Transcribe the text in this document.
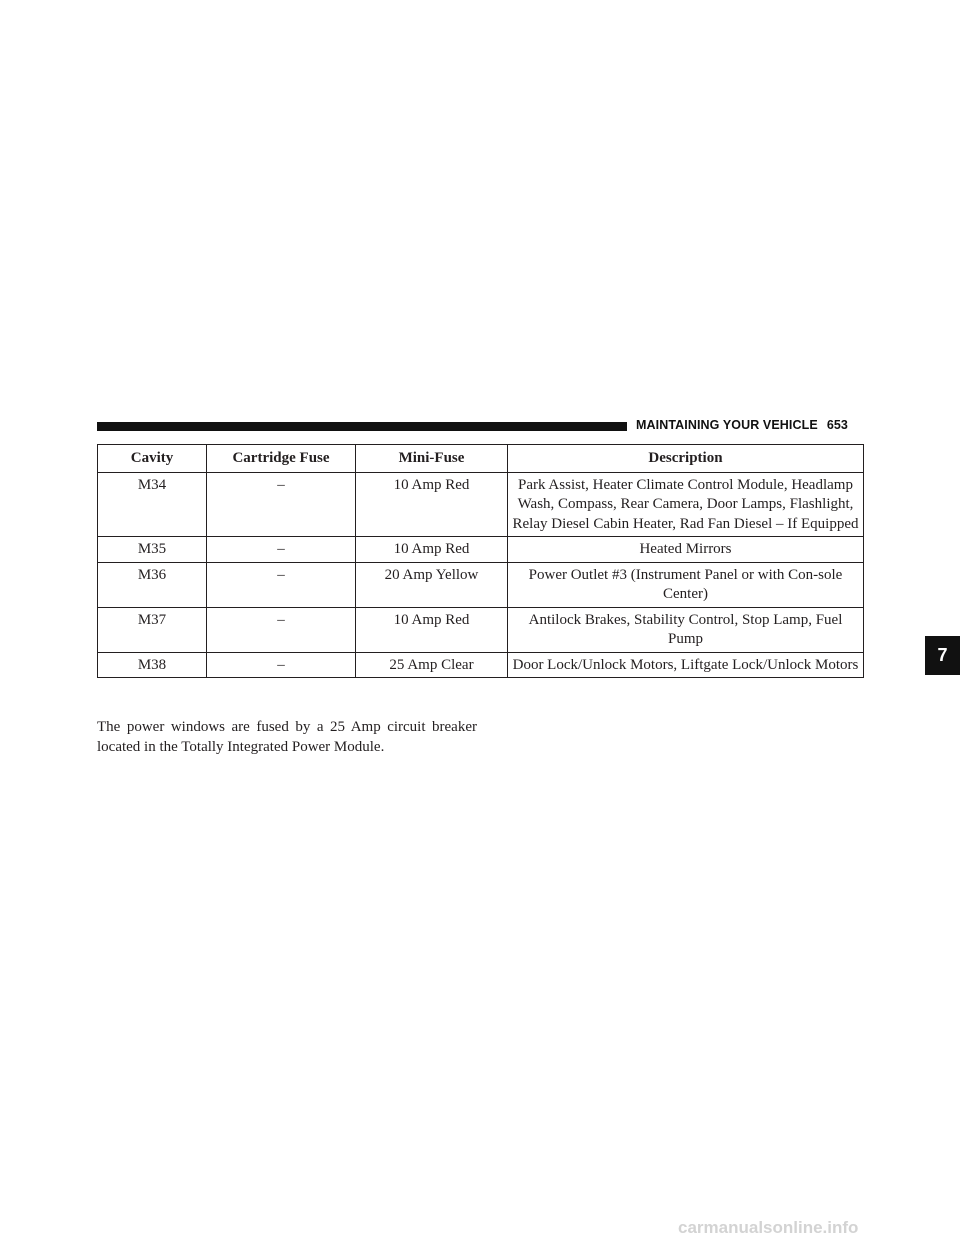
MAINTAINING YOUR VEHICLE 653
7
Cavity	Cartridge Fuse	Mini-Fuse	Description
M34	–	10 Amp Red	Park Assist, Heater Climate Control Module, Headlamp Wash, Compass, Rear Camera, Door Lamps, Flashlight, Relay Diesel Cabin Heater, Rad Fan Diesel – If Equipped
M35	–	10 Amp Red	Heated Mirrors
M36	–	20 Amp Yellow	Power Outlet #3 (Instrument Panel or with Con-sole Center)
M37	–	10 Amp Red	Antilock Brakes, Stability Control, Stop Lamp, Fuel Pump
M38	–	25 Amp Clear	Door Lock/Unlock Motors, Liftgate Lock/Unlock Motors

The power windows are fused by a 25 Amp circuit breaker located in the Totally Integrated Power Module.

carmanualsonline.info
